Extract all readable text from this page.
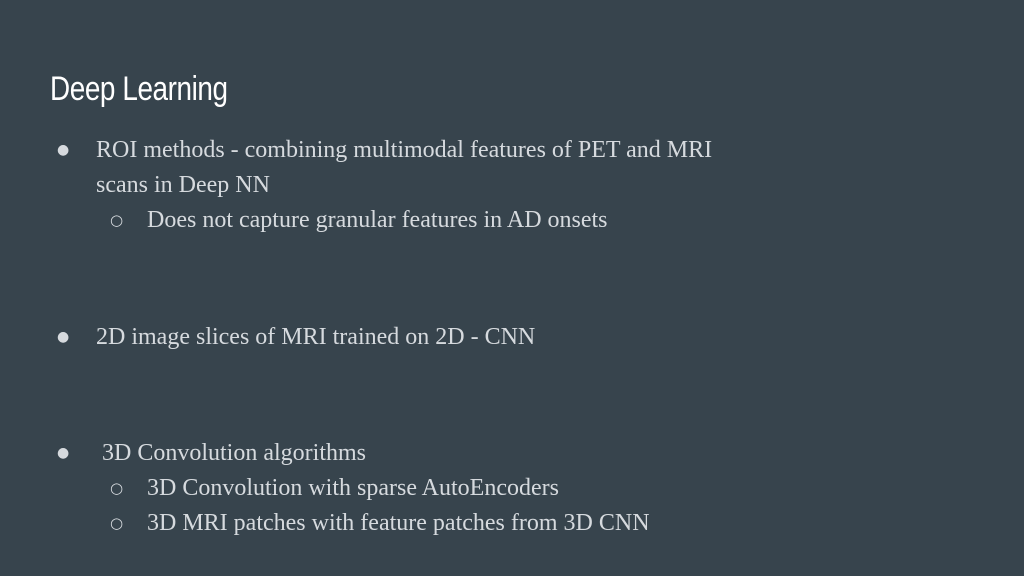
Deep Learning
● ROI methods - combining multimodal features of PET and MRI
scans in Deep NN
○ Does not capture granular features in AD onsets
● 2D image slices of MRI trained on 2D - CNN
● 3D Convolution algorithms
○ 3D Convolution with sparse AutoEncoders
○ 3D MRI patches with feature patches from 3D CNN
